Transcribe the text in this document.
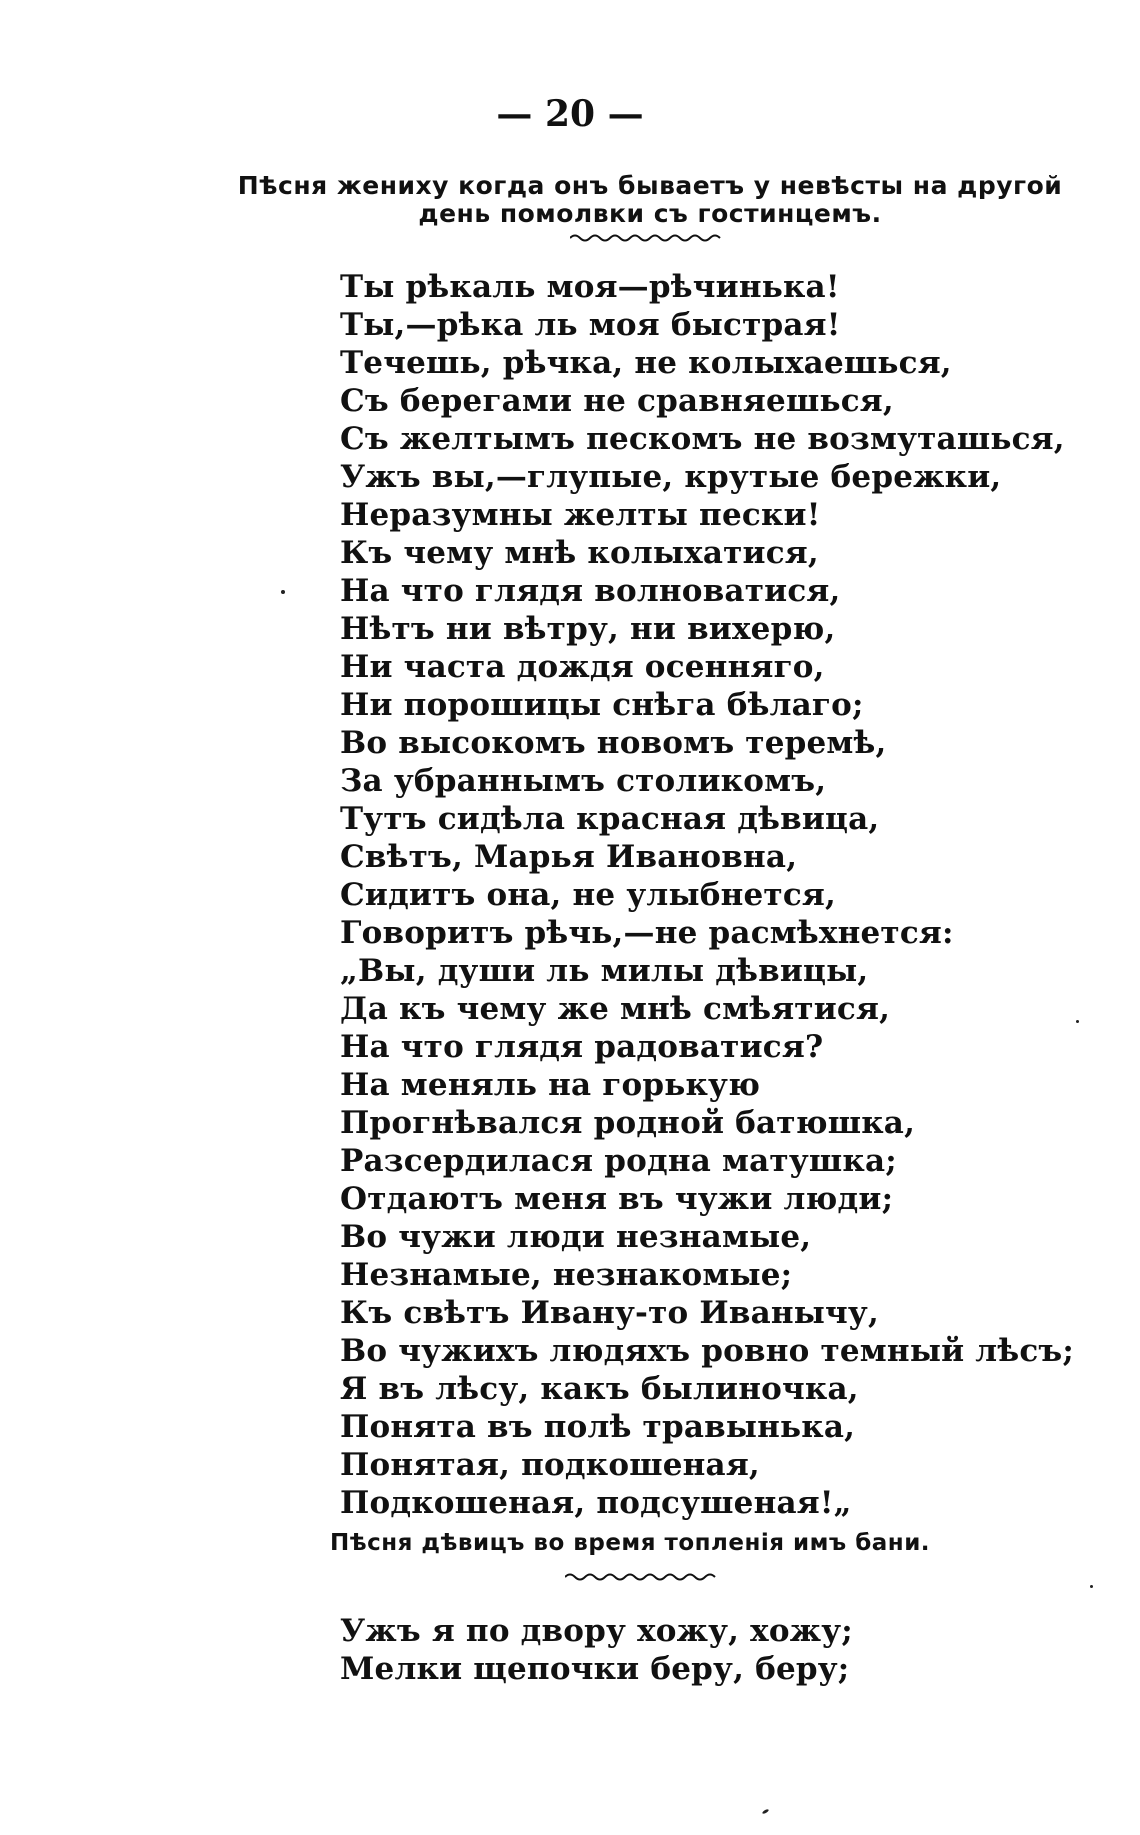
— 20 —
Пѣсня жениху когда онъ бываетъ у невѣсты на другой
день помолвки съ гостинцемъ.
Ты рѣкаль моя—рѣчинька!
Ты,—рѣка ль моя быстрая!
Течешь, рѣчка, не колыхаешься,
Съ берегами не сравняешься,
Съ желтымъ пескомъ не возмуташься,
Ужъ вы,—глупые, крутые бережки,
Неразумны желты пески!
Къ чему мнѣ колыхатися,
На что глядя волноватися,
Нѣтъ ни вѣтру, ни вихерю,
Ни часта дождя осенняго,
Ни порошицы снѣга бѣлаго;
Во высокомъ новомъ теремѣ,
За убраннымъ столикомъ,
Тутъ сидѣла красная дѣвица,
Свѣтъ, Марья Ивановна,
Сидитъ она, не улыбнется,
Говоритъ рѣчь,—не расмѣхнется:
„Вы, души ль милы дѣвицы,
Да къ чему же мнѣ смѣятися,
На что глядя радоватися?
На меняль на горькую
Прогнѣвался родной батюшка,
Разсердилася родна матушка;
Отдаютъ меня въ чужи люди;
Во чужи люди незнамые,
Незнамые, незнакомые;
Къ свѣтъ Ивану-то Иванычу,
Во чужихъ людяхъ ровно темный лѣсъ;
Я въ лѣсу, какъ былиночка,
Понята въ полѣ травынька,
Понятая, подкошеная,
Подкошеная, подсушеная!„
Пѣсня дѣвицъ во время топленія имъ бани.
Ужъ я по двору хожу, хожу;
Мелки щепочки беру, беру;
